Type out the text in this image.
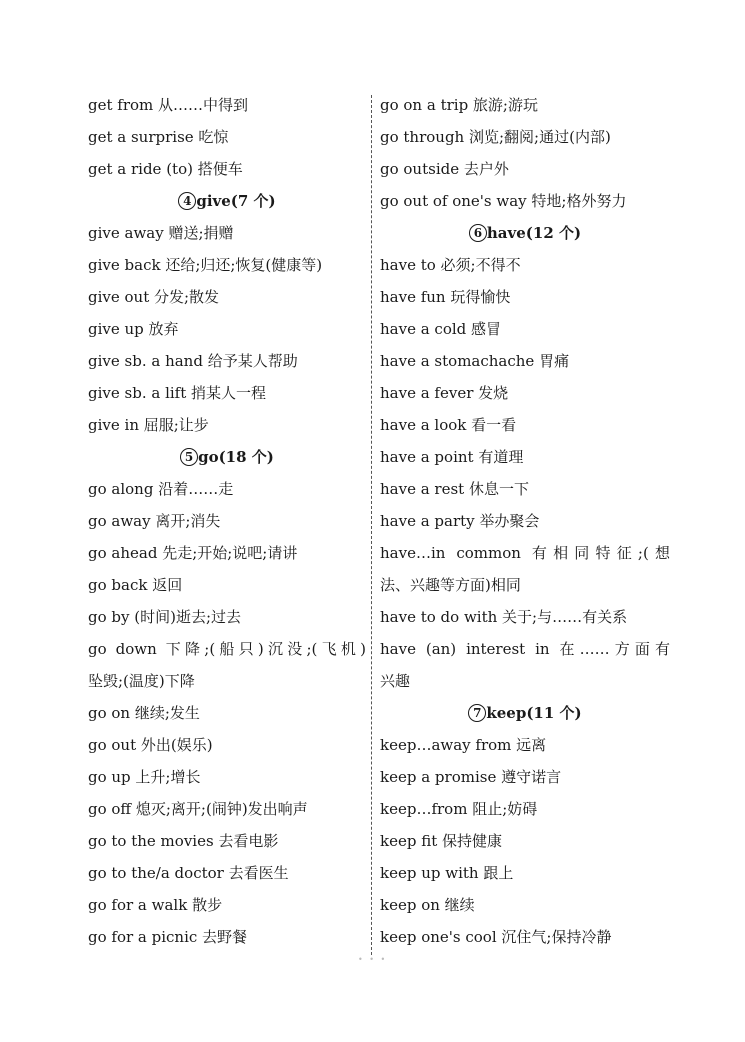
get from 从……中得到
get a surprise 吃惊
get a ride (to) 搭便车
4 give(7 个)
give away 赠送;捐赠
give back 还给;归还;恢复(健康等)
give out 分发;散发
give up 放弃
give sb. a hand 给予某人帮助
give sb. a lift 捎某人一程
give in 屈服;让步
5 go(18 个)
go along 沿着……走
go away 离开;消失
go ahead 先走;开始;说吧;请讲
go back 返回
go by (时间)逝去;过去
go down 下降;(船只)沉没;(飞机)
坠毁;(温度)下降
go on 继续;发生
go out 外出(娱乐)
go up 上升;增长
go off 熄灭;离开;(闹钟)发出响声
go to the movies 去看电影
go to the/a doctor 去看医生
go for a walk 散步
go for a picnic 去野餐
go on a trip 旅游;游玩
go through 浏览;翻阅;通过(内部)
go outside 去户外
go out of one's way 特地;格外努力
6 have(12 个)
have to 必须;不得不
have fun 玩得愉快
have a cold 感冒
have a stomachache 胃痛
have a fever 发烧
have a look 看一看
have a point 有道理
have a rest 休息一下
have a party 举办聚会
have…in common 有相同特征;(想
法、兴趣等方面)相同
have to do with 关于;与……有关系
have (an) interest in 在……方面有
兴趣
7 keep(11 个)
keep…away from 远离
keep a promise 遵守诺言
keep…from 阻止;妨碍
keep fit 保持健康
keep up with 跟上
keep on 继续
keep one's cool 沉住气;保持冷静
• • •
